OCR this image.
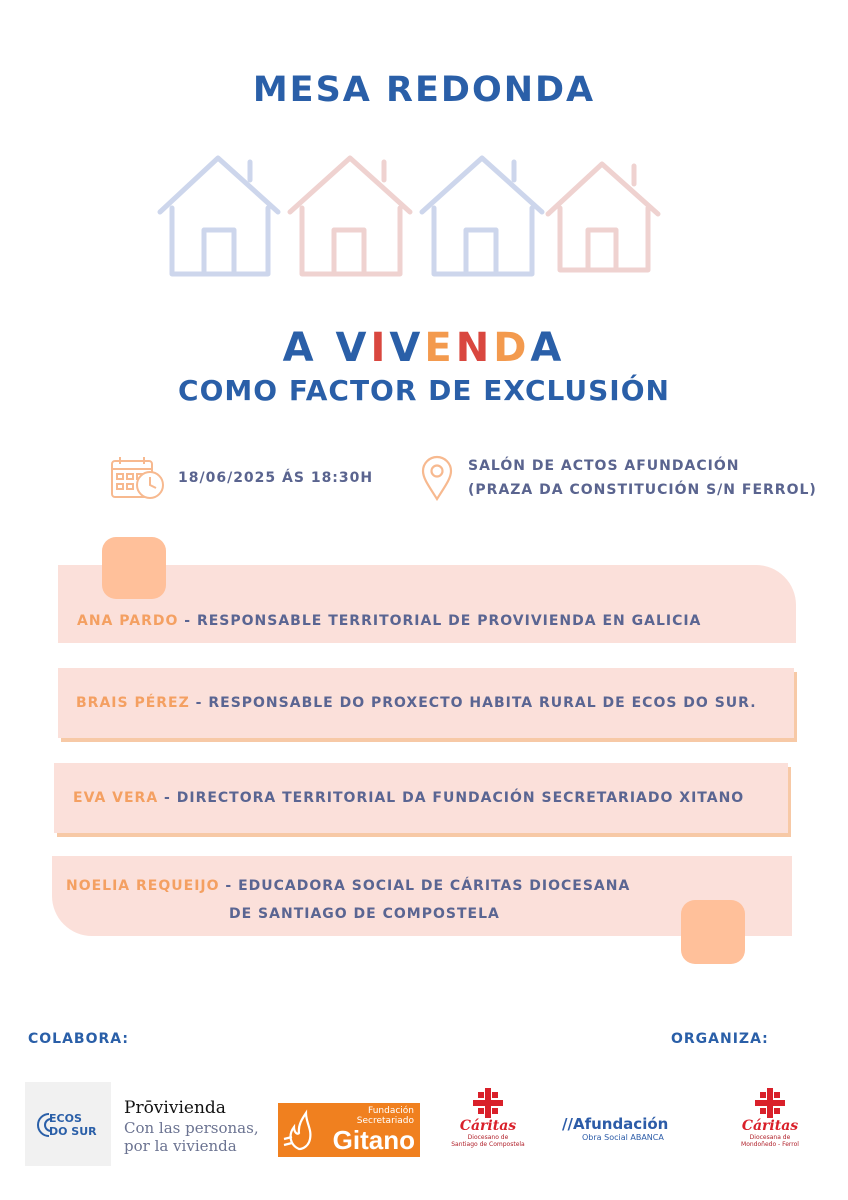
MESA REDONDA
A VIVENDA
COMO FACTOR DE EXCLUSIÓN
18/06/2025 ÁS 18:30H
SALÓN DE ACTOS AFUNDACIÓN
(PRAZA DA CONSTITUCIÓN S/N FERROL)
ANA PARDO - RESPONSABLE TERRITORIAL DE PROVIVIENDA EN GALICIA
BRAIS PÉREZ - RESPONSABLE DO PROXECTO HABITA RURAL DE ECOS DO SUR.
EVA VERA - DIRECTORA TERRITORIAL DA FUNDACIÓN SECRETARIADO XITANO
NOELIA REQUEIJO - EDUCADORA SOCIAL DE CÁRITAS DIOCESANA
DE SANTIAGO DE COMPOSTELA
COLABORA:	ORGANIZA:
ECOS
DO SUR
Prōvivienda
Con las personas,
por la vivienda
Fundación
Secretariado
Gitano	Cáritas
Diocesano de
Santiago de Compostela
//Afundación
Obra Social ABANCA
Cáritas
Diocesana de
Mondoñedo - Ferrol
